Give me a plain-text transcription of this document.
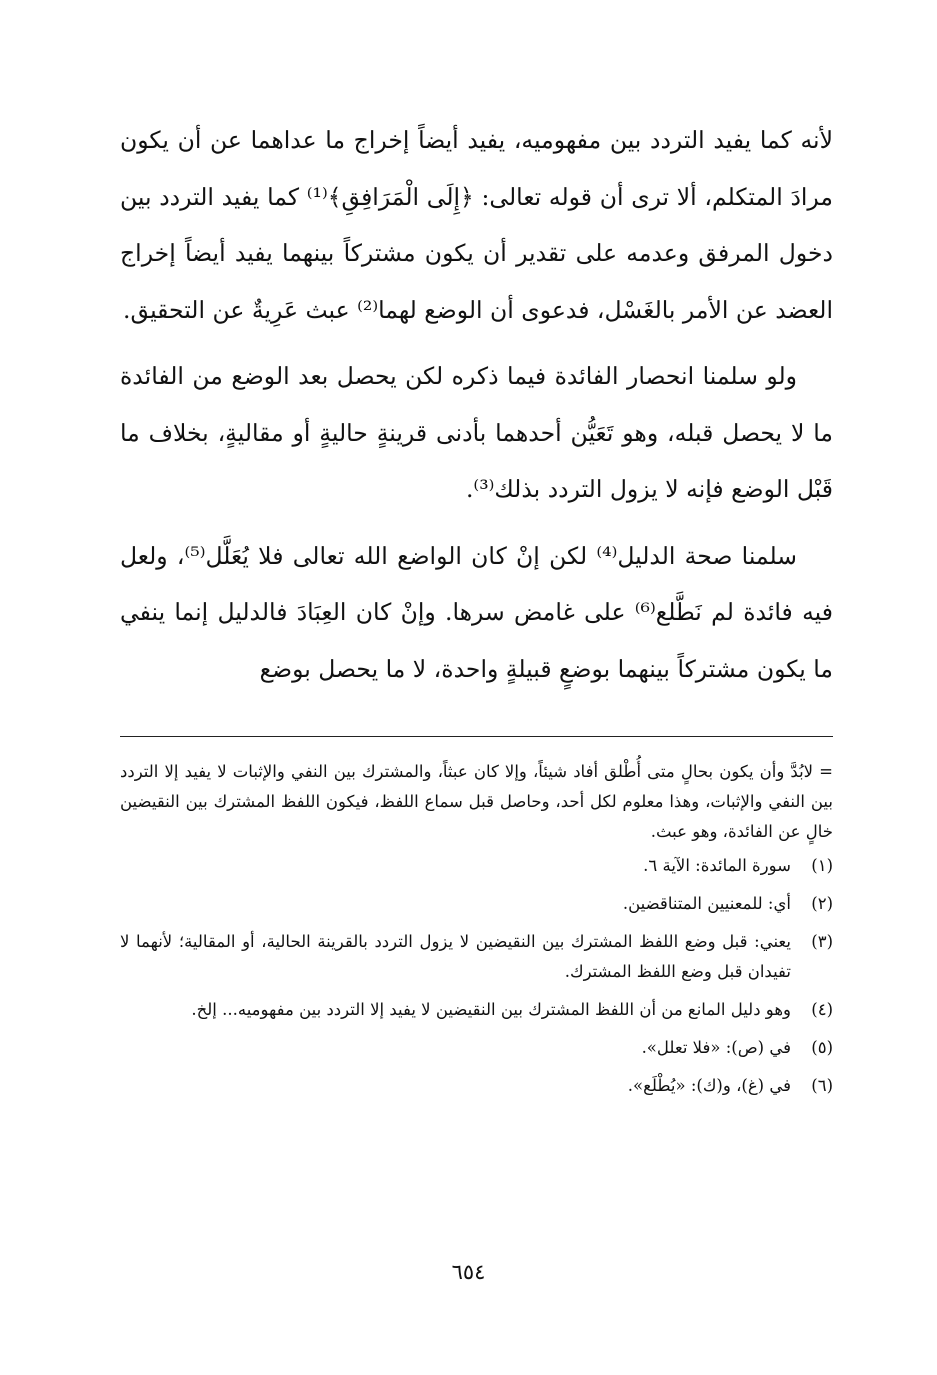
لأنه كما يفيد التردد بين مفهوميه، يفيد أيضاً إخراج ما عداهما عن أن يكون مرادَ المتكلم، ألا ترى أن قوله تعالى: ﴿إِلَى الْمَرَافِقِ﴾⁽¹⁾ كما يفيد التردد بين دخول المرفق وعدمه على تقدير أن يكون مشتركاً بينهما يفيد أيضاً إخراج العضد عن الأمر بالغَسْل، فدعوى أن الوضع لهما⁽²⁾ عبث عَرِيةٌ عن التحقيق.

ولو سلمنا انحصار الفائدة فيما ذكره لكن يحصل بعد الوضع من الفائدة ما لا يحصل قبله، وهو تَعَيُّن أحدهما بأدنى قرينةٍ حاليةٍ أو مقاليةٍ، بخلاف ما قَبْل الوضع فإنه لا يزول التردد بذلك⁽³⁾.

سلمنا صحة الدليل⁽⁴⁾ لكن إنْ كان الواضع الله تعالى فلا يُعَلَّل⁽⁵⁾، ولعل فيه فائدة لم نَطَّلع⁽⁶⁾ على غامض سرها. وإنْ كان العِبَادَ فالدليل إنما ينفي ما يكون مشتركاً بينهما بوضعٍ قبيلةٍ واحدة، لا ما يحصل بوضع

= لابُدَّ وأن يكون بحالٍ متى أُطْلق أفاد شيئاً، وإلا كان عبثاً، والمشترك بين النفي والإثبات لا يفيد إلا التردد بين النفي والإثبات، وهذا معلوم لكل أحد، وحاصل قبل سماع اللفظ، فيكون اللفظ المشترك بين النقيضين خالٍ عن الفائدة، وهو عبث.

(١)
سورة المائدة: الآية ٦.
(٢)
أي: للمعنيين المتناقضين.
(٣)
يعني: قبل وضع اللفظ المشترك بين النقيضين لا يزول التردد بالقرينة الحالية، أو المقالية؛ لأنهما لا تفيدان قبل وضع اللفظ المشترك.
(٤)
وهو دليل المانع من أن اللفظ المشترك بين النقيضين لا يفيد إلا التردد بين مفهوميه... إلخ.
(٥)
في (ص): «فلا تعلل».
(٦)
في (غ)، و(ك): «يُطْلَع».
٦٥٤
